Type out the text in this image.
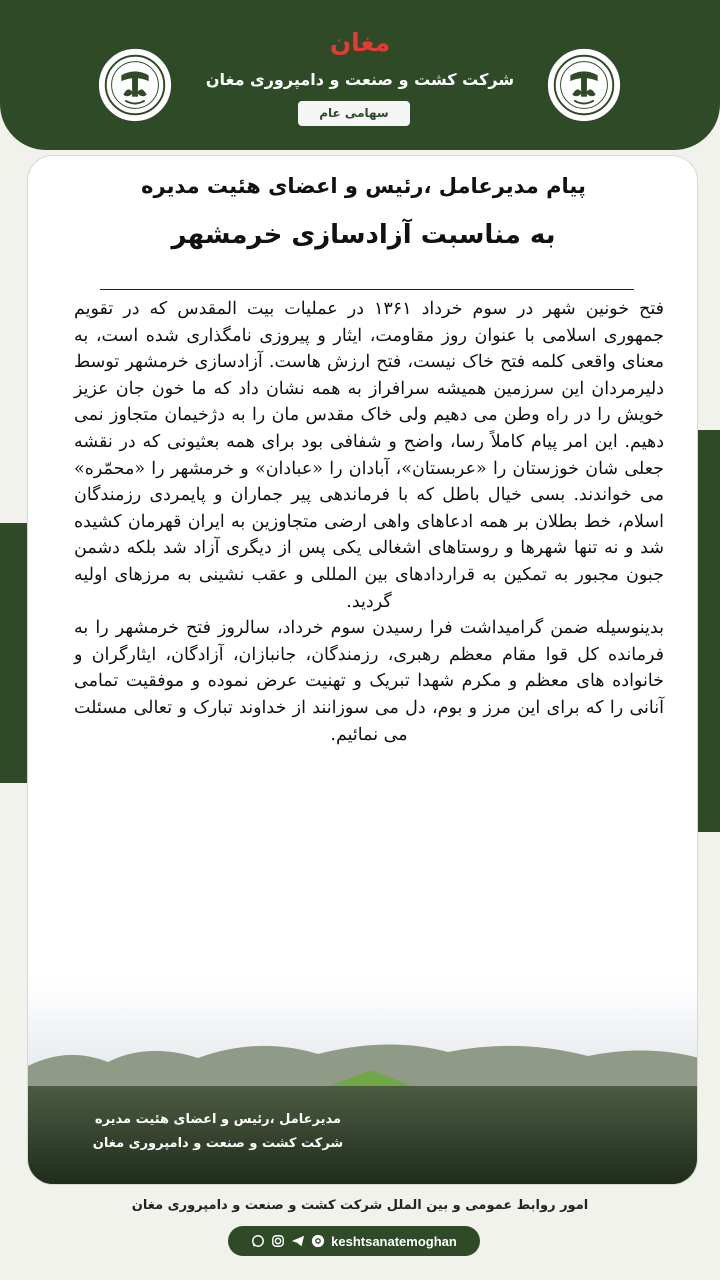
مغان
شرکت کشت و صنعت و دامپروری مغان
سهامی عام
پیام مدیرعامل ،رئیس و اعضای هئیت مدیره
به مناسبت آزادسازی خرمشهر

فتح خونین شهر در سوم خرداد ۱۳۶۱ در عملیات بیت المقدس که در تقویم جمهوری اسلامی با عنوان روز مقاومت، ایثار و پیروزی نامگذاری شده است، به معنای واقعی کلمه فتح خاک نیست، فتح ارزش هاست. آزادسازی خرمشهر توسط دلیرمردان این سرزمین همیشه سرافراز به همه نشان داد که ما خون جان عزیز خویش را در راه وطن می دهیم ولی خاک مقدس مان را به دژخیمان متجاوز نمی دهیم. این امر پیام کاملاً رسا، واضح و شفافی بود برای همه بعثیونی که در نقشه جعلی شان خوزستان را «عربستان»، آبادان را «عبادان» و خرمشهر را «محمّره» می خواندند. بسی خیال باطل که با فرماندهی پیر جماران و پایمردی رزمندگان اسلام، خط بطلان بر همه ادعاهای واهی ارضی متجاوزین به ایران قهرمان کشیده شد و نه تنها شهرها و روستاهای اشغالی یکی پس از دیگری آزاد شد بلکه دشمن جبون مجبور به تمکین به قراردادهای بین المللی و عقب نشینی به مرزهای اولیه گردید.

بدینوسیله ضمن گرامیداشت فرا رسیدن سوم خرداد، سالروز فتح خرمشهر را به فرمانده کل قوا مقام معظم رهبری، رزمندگان، جانبازان، آزادگان، ایثارگران و خانواده های معظم و مکرم شهدا تبریک و تهنیت عرض نموده و موفقیت تمامی آنانی را که برای این مرز و بوم، دل می سوزانند از خداوند تبارک و تعالی مسئلت می نمائیم.

مدیرعامل ،رئیس و اعضای هئیت مدیره
شرکت کشت و صنعت و دامپروری مغان
امور روابط عمومی و بین الملل شرکت کشت و صنعت و دامپروری مغان
keshtsanatemoghan
